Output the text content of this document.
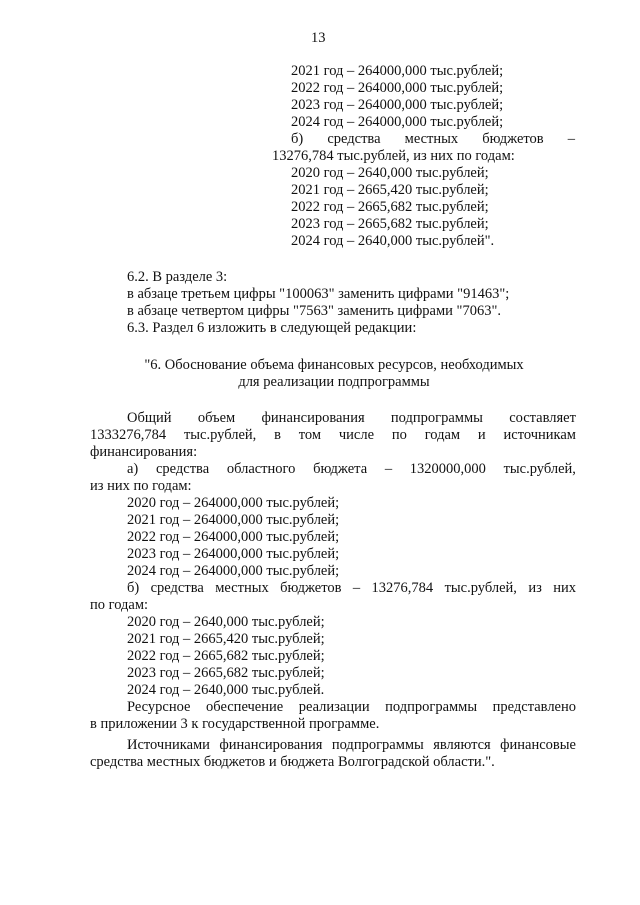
13
2021 год – 264000,000 тыс.рублей;
2022 год – 264000,000 тыс.рублей;
2023 год – 264000,000 тыс.рублей;
2024 год – 264000,000 тыс.рублей;
б) средства местных бюджетов –
13276,784 тыс.рублей, из них по годам:
2020 год – 2640,000 тыс.рублей;
2021 год – 2665,420 тыс.рублей;
2022 год – 2665,682 тыс.рублей;
2023 год – 2665,682 тыс.рублей;
2024 год – 2640,000 тыс.рублей".
6.2. В разделе 3:
в абзаце третьем цифры "100063" заменить цифрами "91463";
в абзаце четвертом цифры "7563" заменить цифрами "7063".
6.3. Раздел 6 изложить в следующей редакции:
"6. Обоснование объема финансовых ресурсов, необходимых
для реализации подпрограммы
Общий объем финансирования подпрограммы составляет
1333276,784 тыс.рублей, в том числе по годам и источникам
финансирования:
а) средства областного бюджета – 1320000,000 тыс.рублей,
из них по годам:
2020 год – 264000,000 тыс.рублей;
2021 год – 264000,000 тыс.рублей;
2022 год – 264000,000 тыс.рублей;
2023 год – 264000,000 тыс.рублей;
2024 год – 264000,000 тыс.рублей;
б) средства местных бюджетов – 13276,784 тыс.рублей, из них
по годам:
2020 год – 2640,000 тыс.рублей;
2021 год – 2665,420 тыс.рублей;
2022 год – 2665,682 тыс.рублей;
2023 год – 2665,682 тыс.рублей;
2024 год – 2640,000 тыс.рублей.
Ресурсное обеспечение реализации подпрограммы представлено
в приложении 3 к государственной программе.
Источниками финансирования подпрограммы являются финансовые
средства местных бюджетов и бюджета Волгоградской области.".
